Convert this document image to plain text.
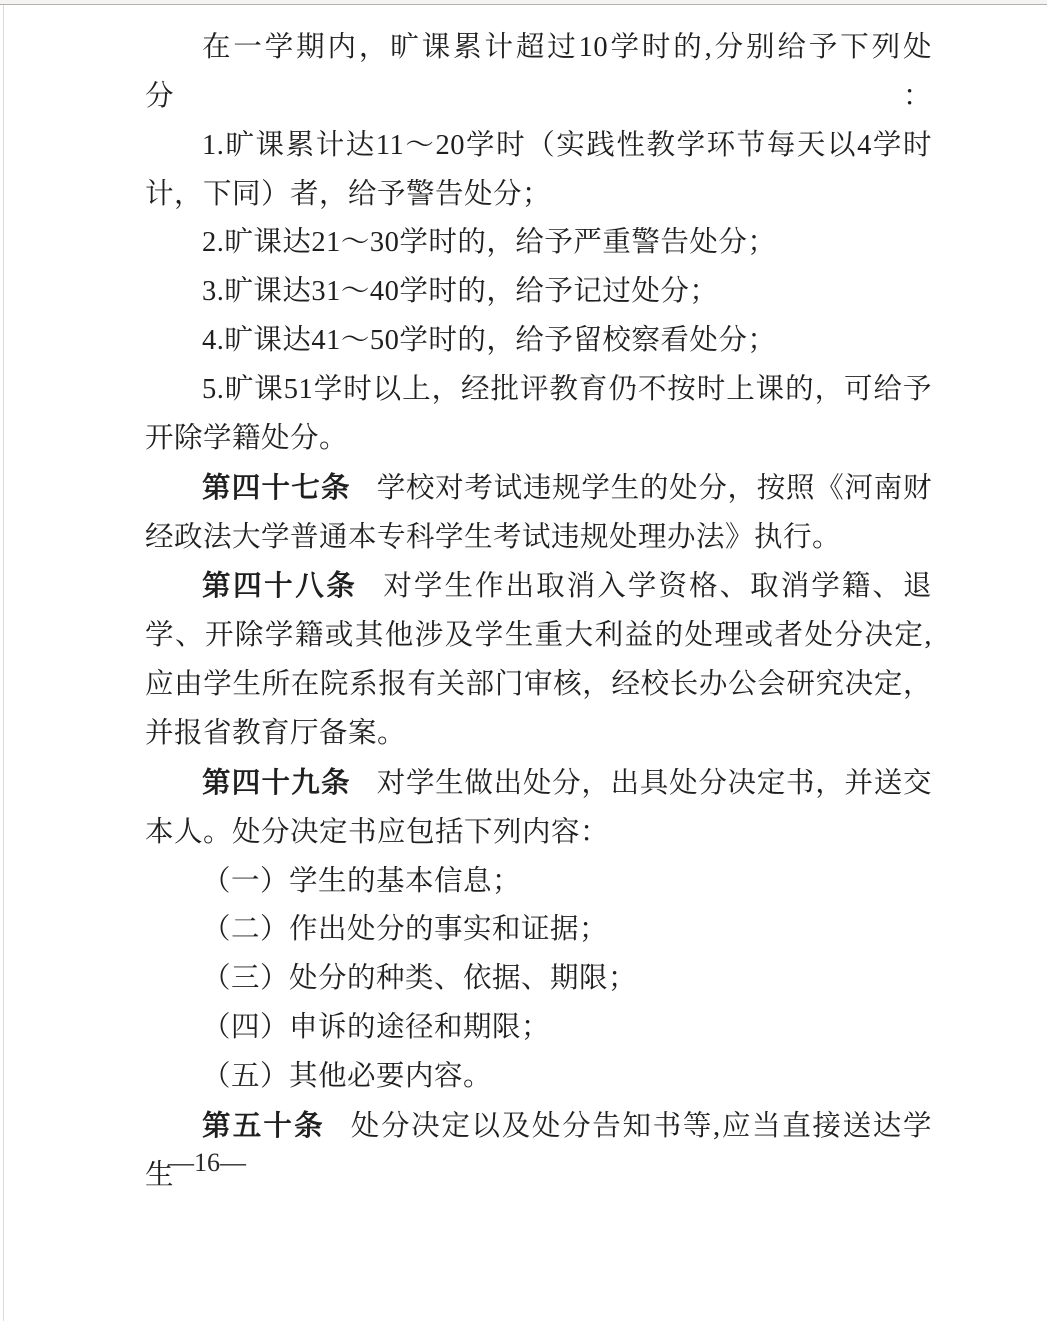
在一学期内，旷课累计超过10学时的,分别给予下列处分：

1.旷课累计达11～20学时（实践性教学环节每天以4学时计，下同）者，给予警告处分；

2.旷课达21～30学时的，给予严重警告处分；

3.旷课达31～40学时的，给予记过处分；

4.旷课达41～50学时的，给予留校察看处分；

5.旷课51学时以上，经批评教育仍不按时上课的，可给予开除学籍处分。

第四十七条 学校对考试违规学生的处分，按照《河南财经政法大学普通本专科学生考试违规处理办法》执行。

第四十八条 对学生作出取消入学资格、取消学籍、退学、开除学籍或其他涉及学生重大利益的处理或者处分决定,应由学生所在院系报有关部门审核，经校长办公会研究决定，并报省教育厅备案。

第四十九条 对学生做出处分，出具处分决定书，并送交本人。处分决定书应包括下列内容：

（一）学生的基本信息；

（二）作出处分的事实和证据；

（三）处分的种类、依据、期限；

（四）申诉的途径和期限；

（五）其他必要内容。

第五十条 处分决定以及处分告知书等,应当直接送达学生

—16—
